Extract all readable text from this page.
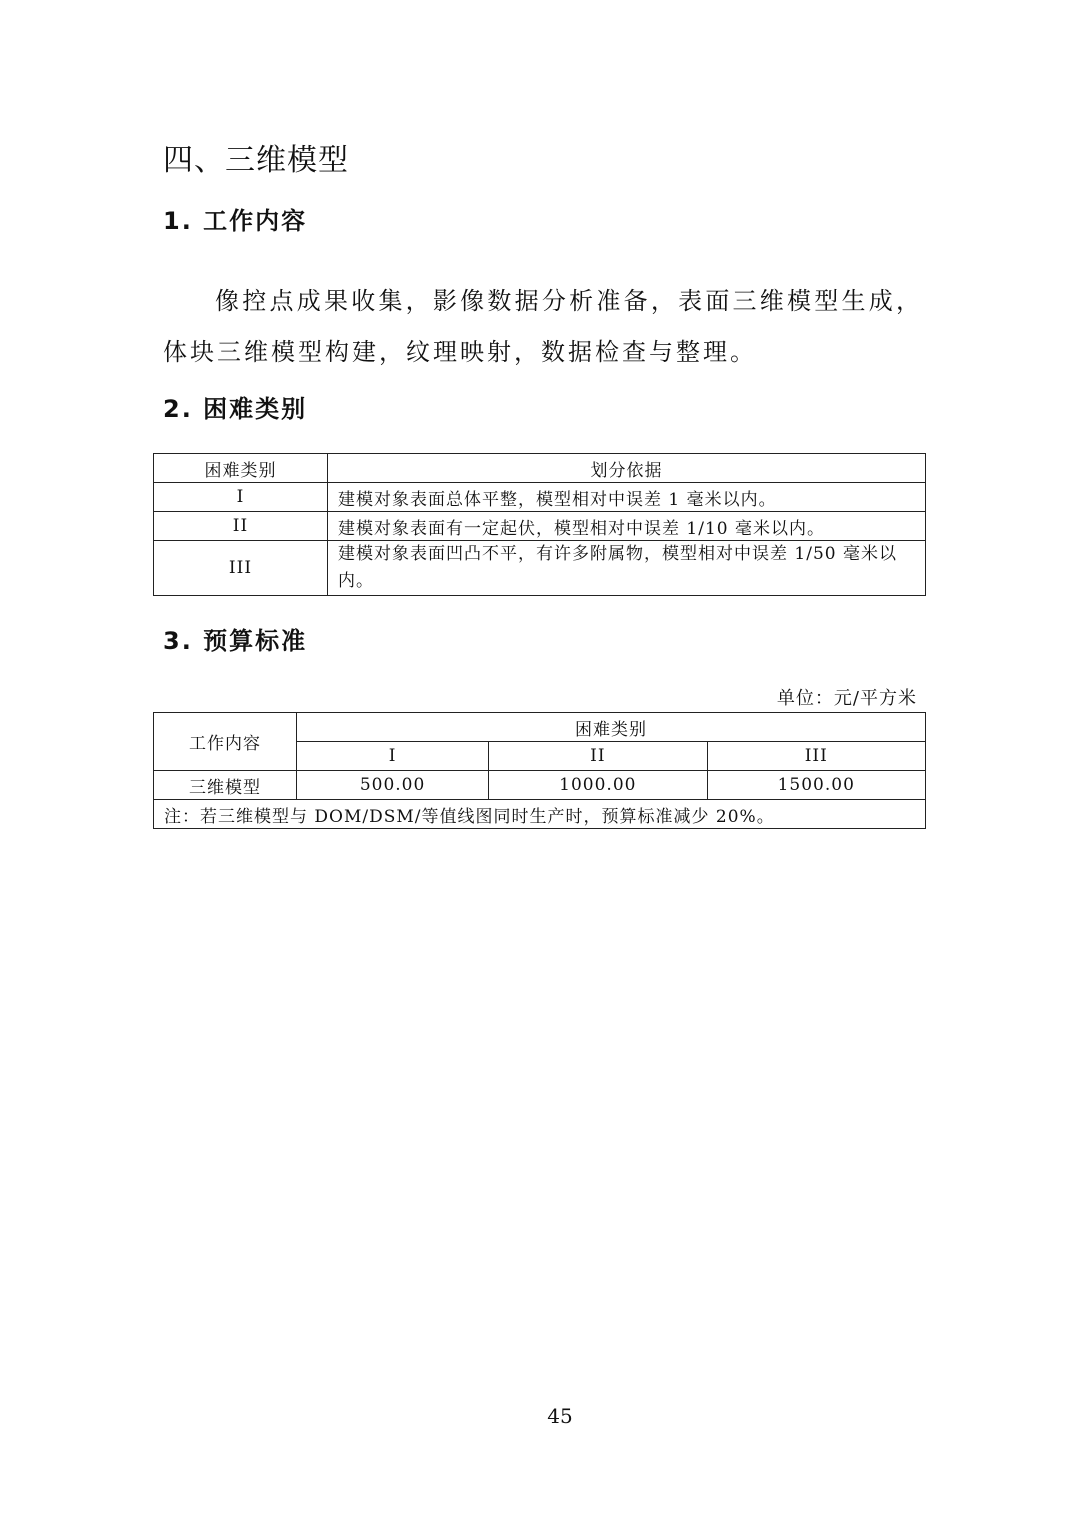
四、三维模型
1. 工作内容
像控点成果收集，影像数据分析准备，表面三维模型生成，体块三维模型构建，纹理映射，数据检查与整理。
2. 困难类别
困难类别	划分依据
I	建模对象表面总体平整，模型相对中误差 1 毫米以内。
II	建模对象表面有一定起伏，模型相对中误差 1/10 毫米以内。
III	建模对象表面凹凸不平，有许多附属物，模型相对中误差 1/50 毫米以内。
3. 预算标准
单位：元/平方米
工作内容	困难类别		
	I	II	III
三维模型	500.00	1000.00	1500.00
注：若三维模型与 DOM/DSM/等值线图同时生产时，预算标准减少 20%。			
45
